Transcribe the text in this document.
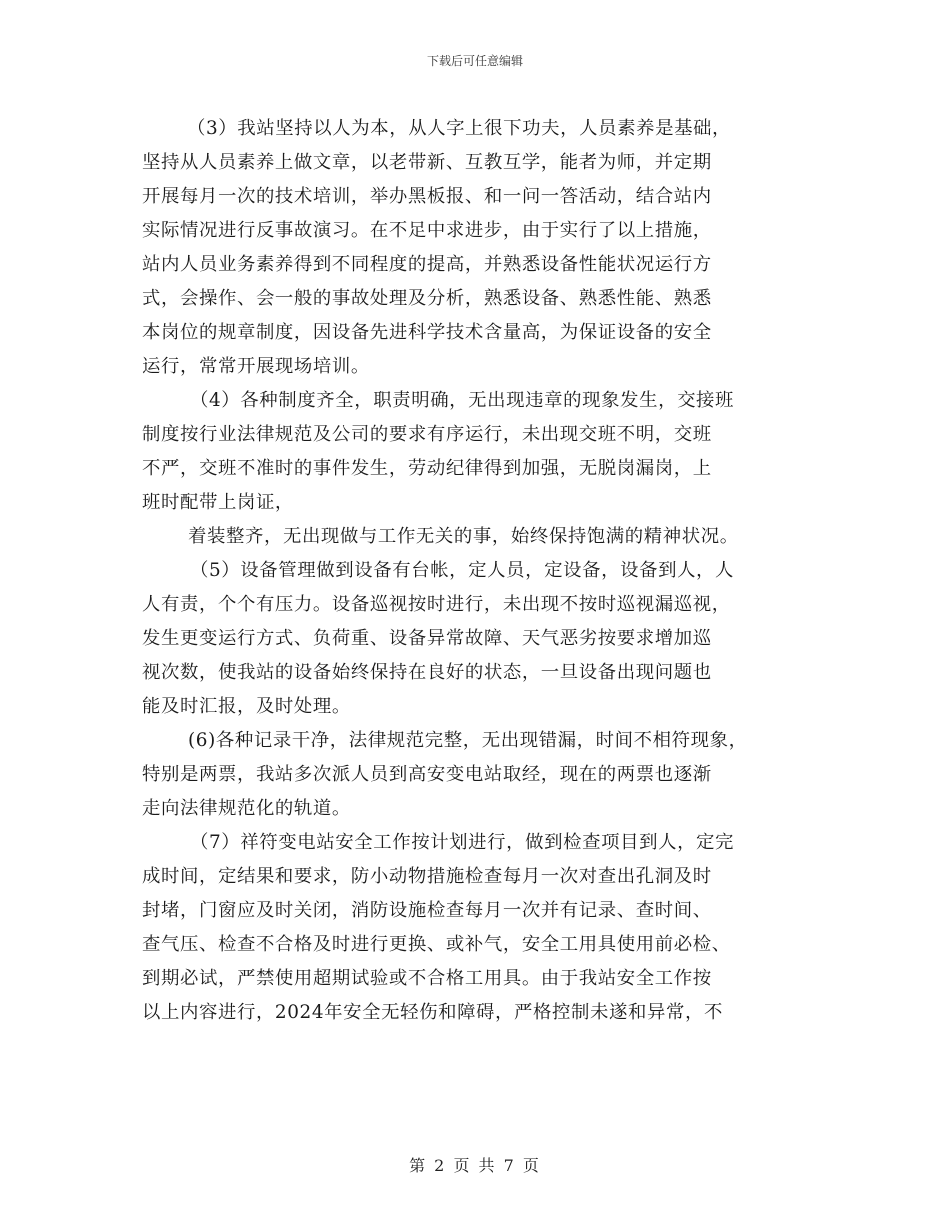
下载后可任意编辑
（3）我站坚持以人为本，从人字上很下功夫，人员素养是基础，
坚持从人员素养上做文章，以老带新、互教互学，能者为师，并定期
开展每月一次的技术培训，举办黑板报、和一问一答活动，结合站内
实际情况进行反事故演习。在不足中求进步，由于实行了以上措施，
站内人员业务素养得到不同程度的提高，并熟悉设备性能状况运行方
式，会操作、会一般的事故处理及分析，熟悉设备、熟悉性能、熟悉
本岗位的规章制度，因设备先进科学技术含量高，为保证设备的安全
运行，常常开展现场培训。
（4）各种制度齐全，职责明确，无出现违章的现象发生，交接班
制度按行业法律规范及公司的要求有序运行，未出现交班不明，交班
不严，交班不准时的事件发生，劳动纪律得到加强，无脱岗漏岗，上
班时配带上岗证，
着装整齐，无出现做与工作无关的事，始终保持饱满的精神状况。
（5）设备管理做到设备有台帐，定人员，定设备，设备到人，人
人有责，个个有压力。设备巡视按时进行，未出现不按时巡视漏巡视，
发生更变运行方式、负荷重、设备异常故障、天气恶劣按要求增加巡
视次数，使我站的设备始终保持在良好的状态，一旦设备出现问题也
能及时汇报，及时处理。
(6)各种记录干净，法律规范完整，无出现错漏，时间不相符现象，
特别是两票，我站多次派人员到高安变电站取经，现在的两票也逐渐
走向法律规范化的轨道。
（7）祥符变电站安全工作按计划进行，做到检查项目到人，定完
成时间，定结果和要求，防小动物措施检查每月一次对查出孔洞及时
封堵，门窗应及时关闭，消防设施检查每月一次并有记录、查时间、
查气压、检查不合格及时进行更换、或补气，安全工用具使用前必检、
到期必试，严禁使用超期试验或不合格工用具。由于我站安全工作按
以上内容进行，2024年安全无轻伤和障碍，严格控制未遂和异常，不
第 2 页 共 7 页
